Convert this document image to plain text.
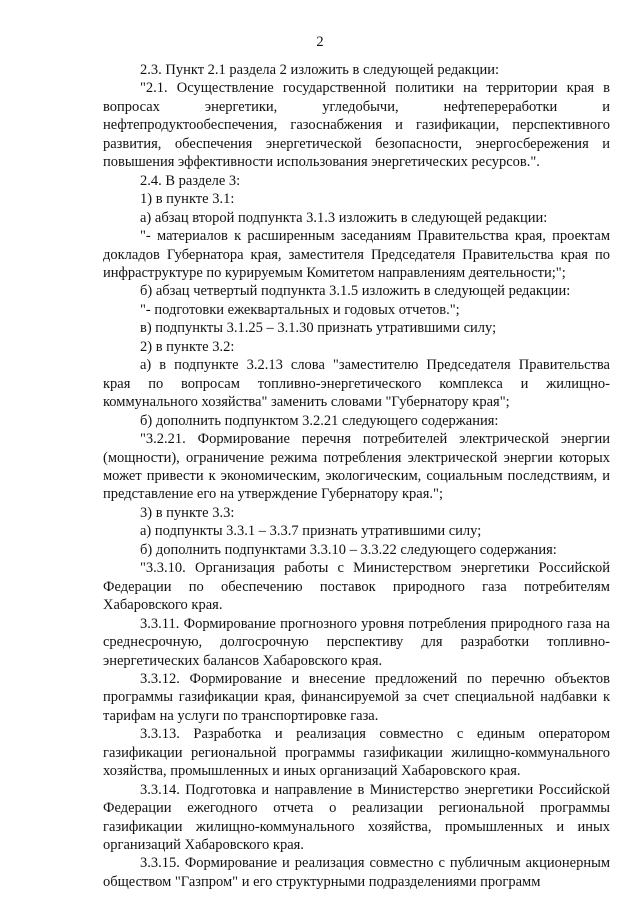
2

2.3. Пункт 2.1 раздела 2 изложить в следующей редакции:

"2.1. Осуществление государственной политики на территории края в вопросах энергетики, угледобычи, нефтепереработки и нефтепродуктообеспечения, газоснабжения и газификации, перспективного развития, обеспечения энергетической безопасности, энергосбережения и повышения эффективности использования энергетических ресурсов.".

2.4. В разделе 3:

1) в пункте 3.1:

а) абзац второй подпункта 3.1.3 изложить в следующей редакции:

"- материалов к расширенным заседаниям Правительства края, проектам докладов Губернатора края, заместителя Председателя Правительства края по инфраструктуре по курируемым Комитетом направлениям деятельности;";

б) абзац четвертый подпункта 3.1.5 изложить в следующей редакции:

"- подготовки ежеквартальных и годовых отчетов.";

в) подпункты 3.1.25 – 3.1.30 признать утратившими силу;

2) в пункте 3.2:

а) в подпункте 3.2.13 слова "заместителю Председателя Правительства края по вопросам топливно-энергетического комплекса и жилищно-коммунального хозяйства" заменить словами "Губернатору края";

б) дополнить подпунктом 3.2.21 следующего содержания:

"3.2.21. Формирование перечня потребителей электрической энергии (мощности), ограничение режима потребления электрической энергии которых может привести к экономическим, экологическим, социальным последствиям, и представление его на утверждение Губернатору края.";

3) в пункте 3.3:

а) подпункты 3.3.1 – 3.3.7 признать утратившими силу;

б) дополнить подпунктами 3.3.10 – 3.3.22 следующего содержания:

"3.3.10. Организация работы с Министерством энергетики Российской Федерации по обеспечению поставок природного газа потребителям Хабаровского края.

3.3.11. Формирование прогнозного уровня потребления природного газа на среднесрочную, долгосрочную перспективу для разработки топливно-энергетических балансов Хабаровского края.

3.3.12. Формирование и внесение предложений по перечню объектов программы газификации края, финансируемой за счет специальной надбавки к тарифам на услуги по транспортировке газа.

3.3.13. Разработка и реализация совместно с единым оператором газификации региональной программы газификации жилищно-коммунального хозяйства, промышленных и иных организаций Хабаровского края.

3.3.14. Подготовка и направление в Министерство энергетики Российской Федерации ежегодного отчета о реализации региональной программы газификации жилищно-коммунального хозяйства, промышленных и иных организаций Хабаровского края.

3.3.15. Формирование и реализация совместно с публичным акционерным обществом "Газпром" и его структурными подразделениями программ
